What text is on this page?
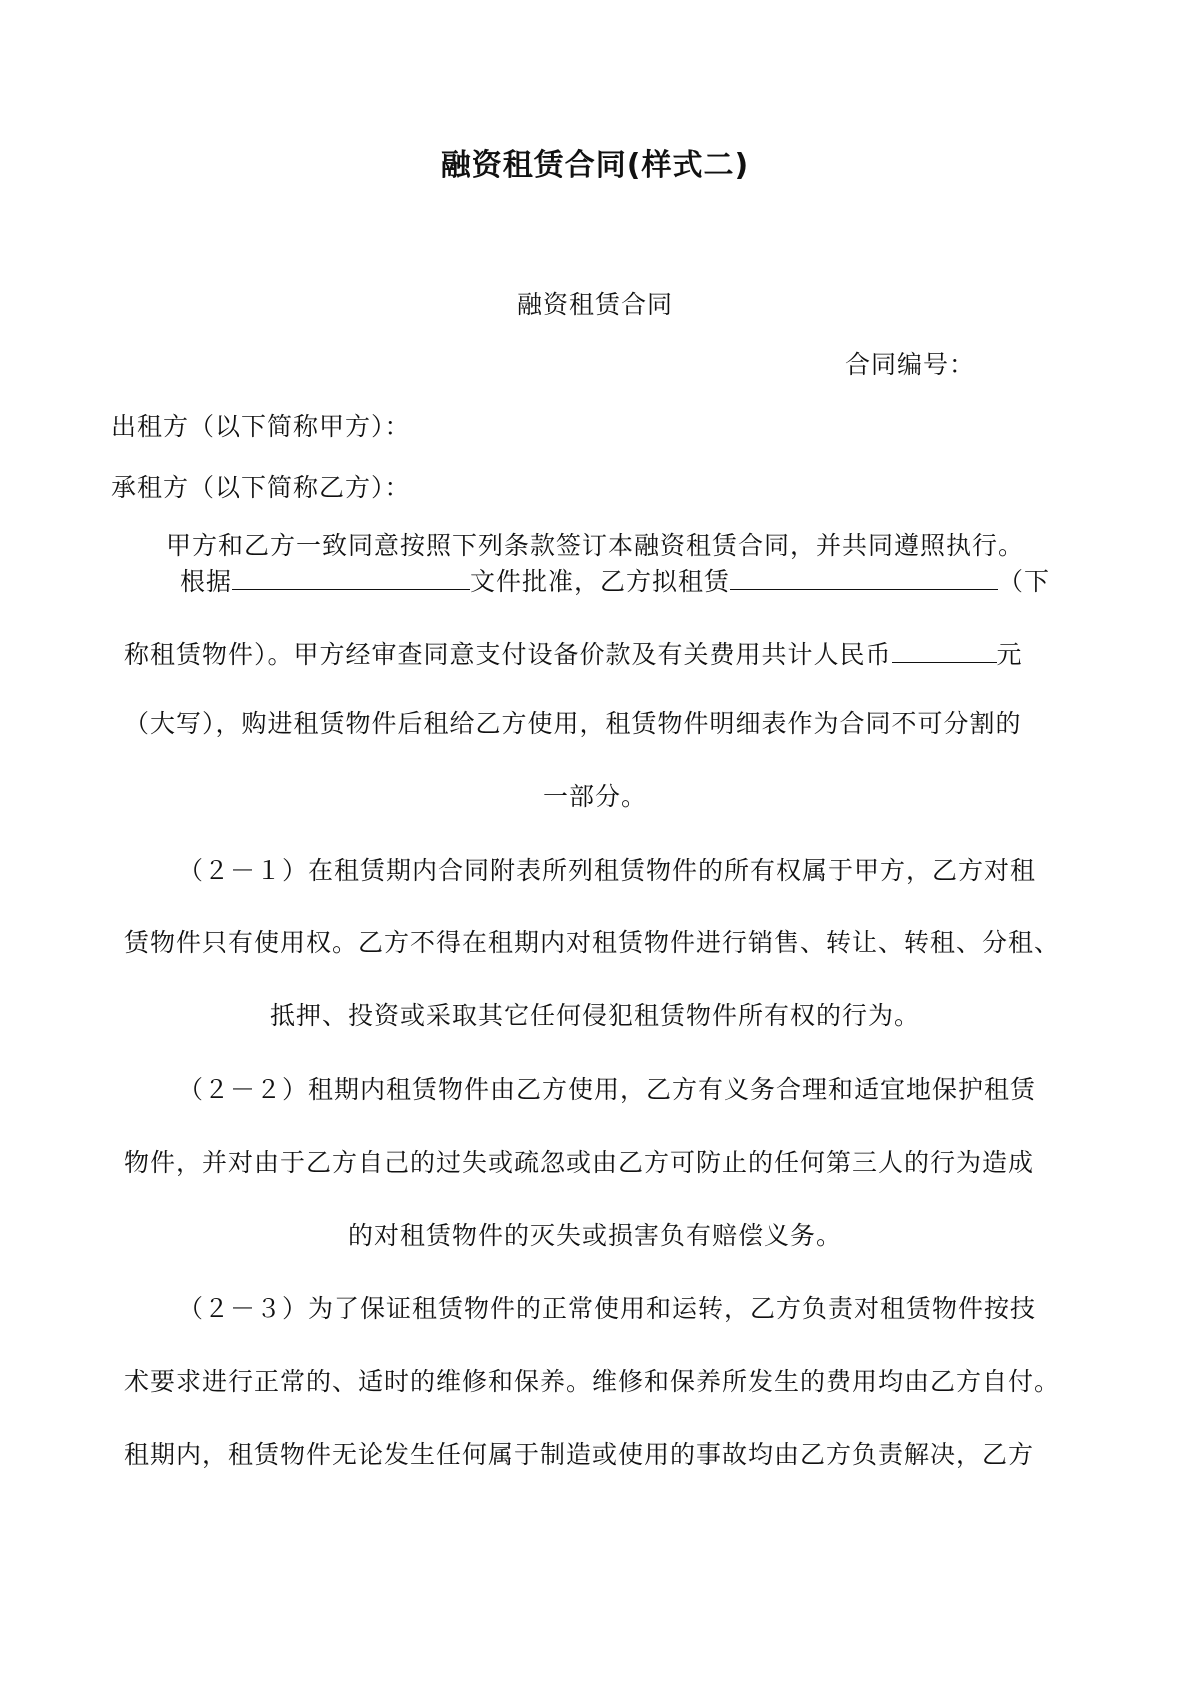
融资租赁合同(样式二)
融资租赁合同
合同编号：
出租方（以下简称甲方）：
承租方（以下简称乙方）：
甲方和乙方一致同意按照下列条款签订本融资租赁合同，并共同遵照执行。
根据	文件批准，乙方拟租赁	（下
称租赁物件）。甲方经审查同意支付设备价款及有关费用共计人民币	元
（大写），购进租赁物件后租给乙方使用，租赁物件明细表作为合同不可分割的
一部分。
（２－１）在租赁期内合同附表所列租赁物件的所有权属于甲方，乙方对租
赁物件只有使用权。乙方不得在租期内对租赁物件进行销售、转让、转租、分租、
抵押、投资或采取其它任何侵犯租赁物件所有权的行为。
（２－２）租期内租赁物件由乙方使用，乙方有义务合理和适宜地保护租赁
物件，并对由于乙方自己的过失或疏忽或由乙方可防止的任何第三人的行为造成
的对租赁物件的灭失或损害负有赔偿义务。
（２－３）为了保证租赁物件的正常使用和运转，乙方负责对租赁物件按技
术要求进行正常的、适时的维修和保养。维修和保养所发生的费用均由乙方自付。
租期内，租赁物件无论发生任何属于制造或使用的事故均由乙方负责解决，乙方
